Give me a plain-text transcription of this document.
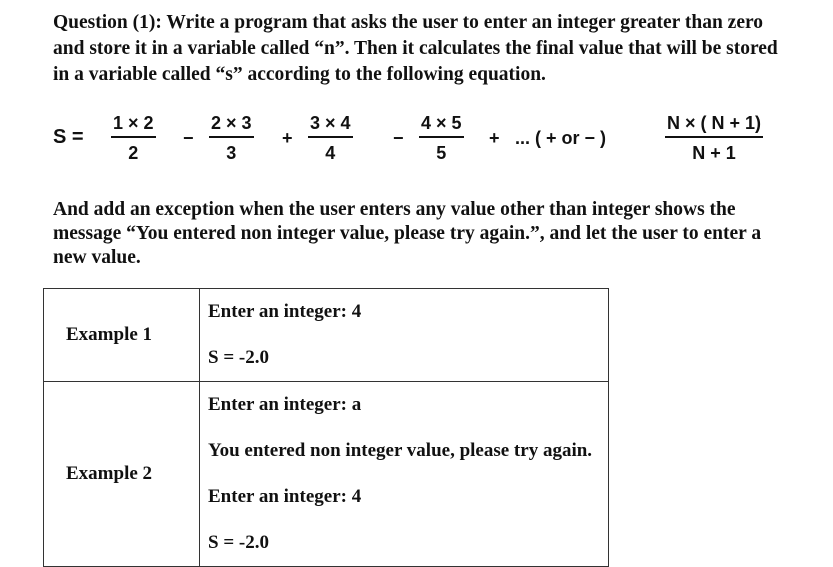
Question (1): Write a program that asks the user to enter an integer greater than zero
and store it in a variable called “n”. Then it calculates the final value that will be stored
in a variable called “s” according to the following equation.
S =
1 × 2
2
−
2 × 3
3
+
3 × 4
4
−
4 × 5
5
+ ... ( + or − )
N × ( N + 1)
N + 1
And add an exception when the user enters any value other than integer shows the
message “You entered non integer value, please try again.”, and let the user to enter a
new value.
Example 1	Enter an integer: 4
S = -2.0

Example 2	Enter an integer: a
You entered non integer value, please try again.
Enter an integer: 4
S = -2.0
